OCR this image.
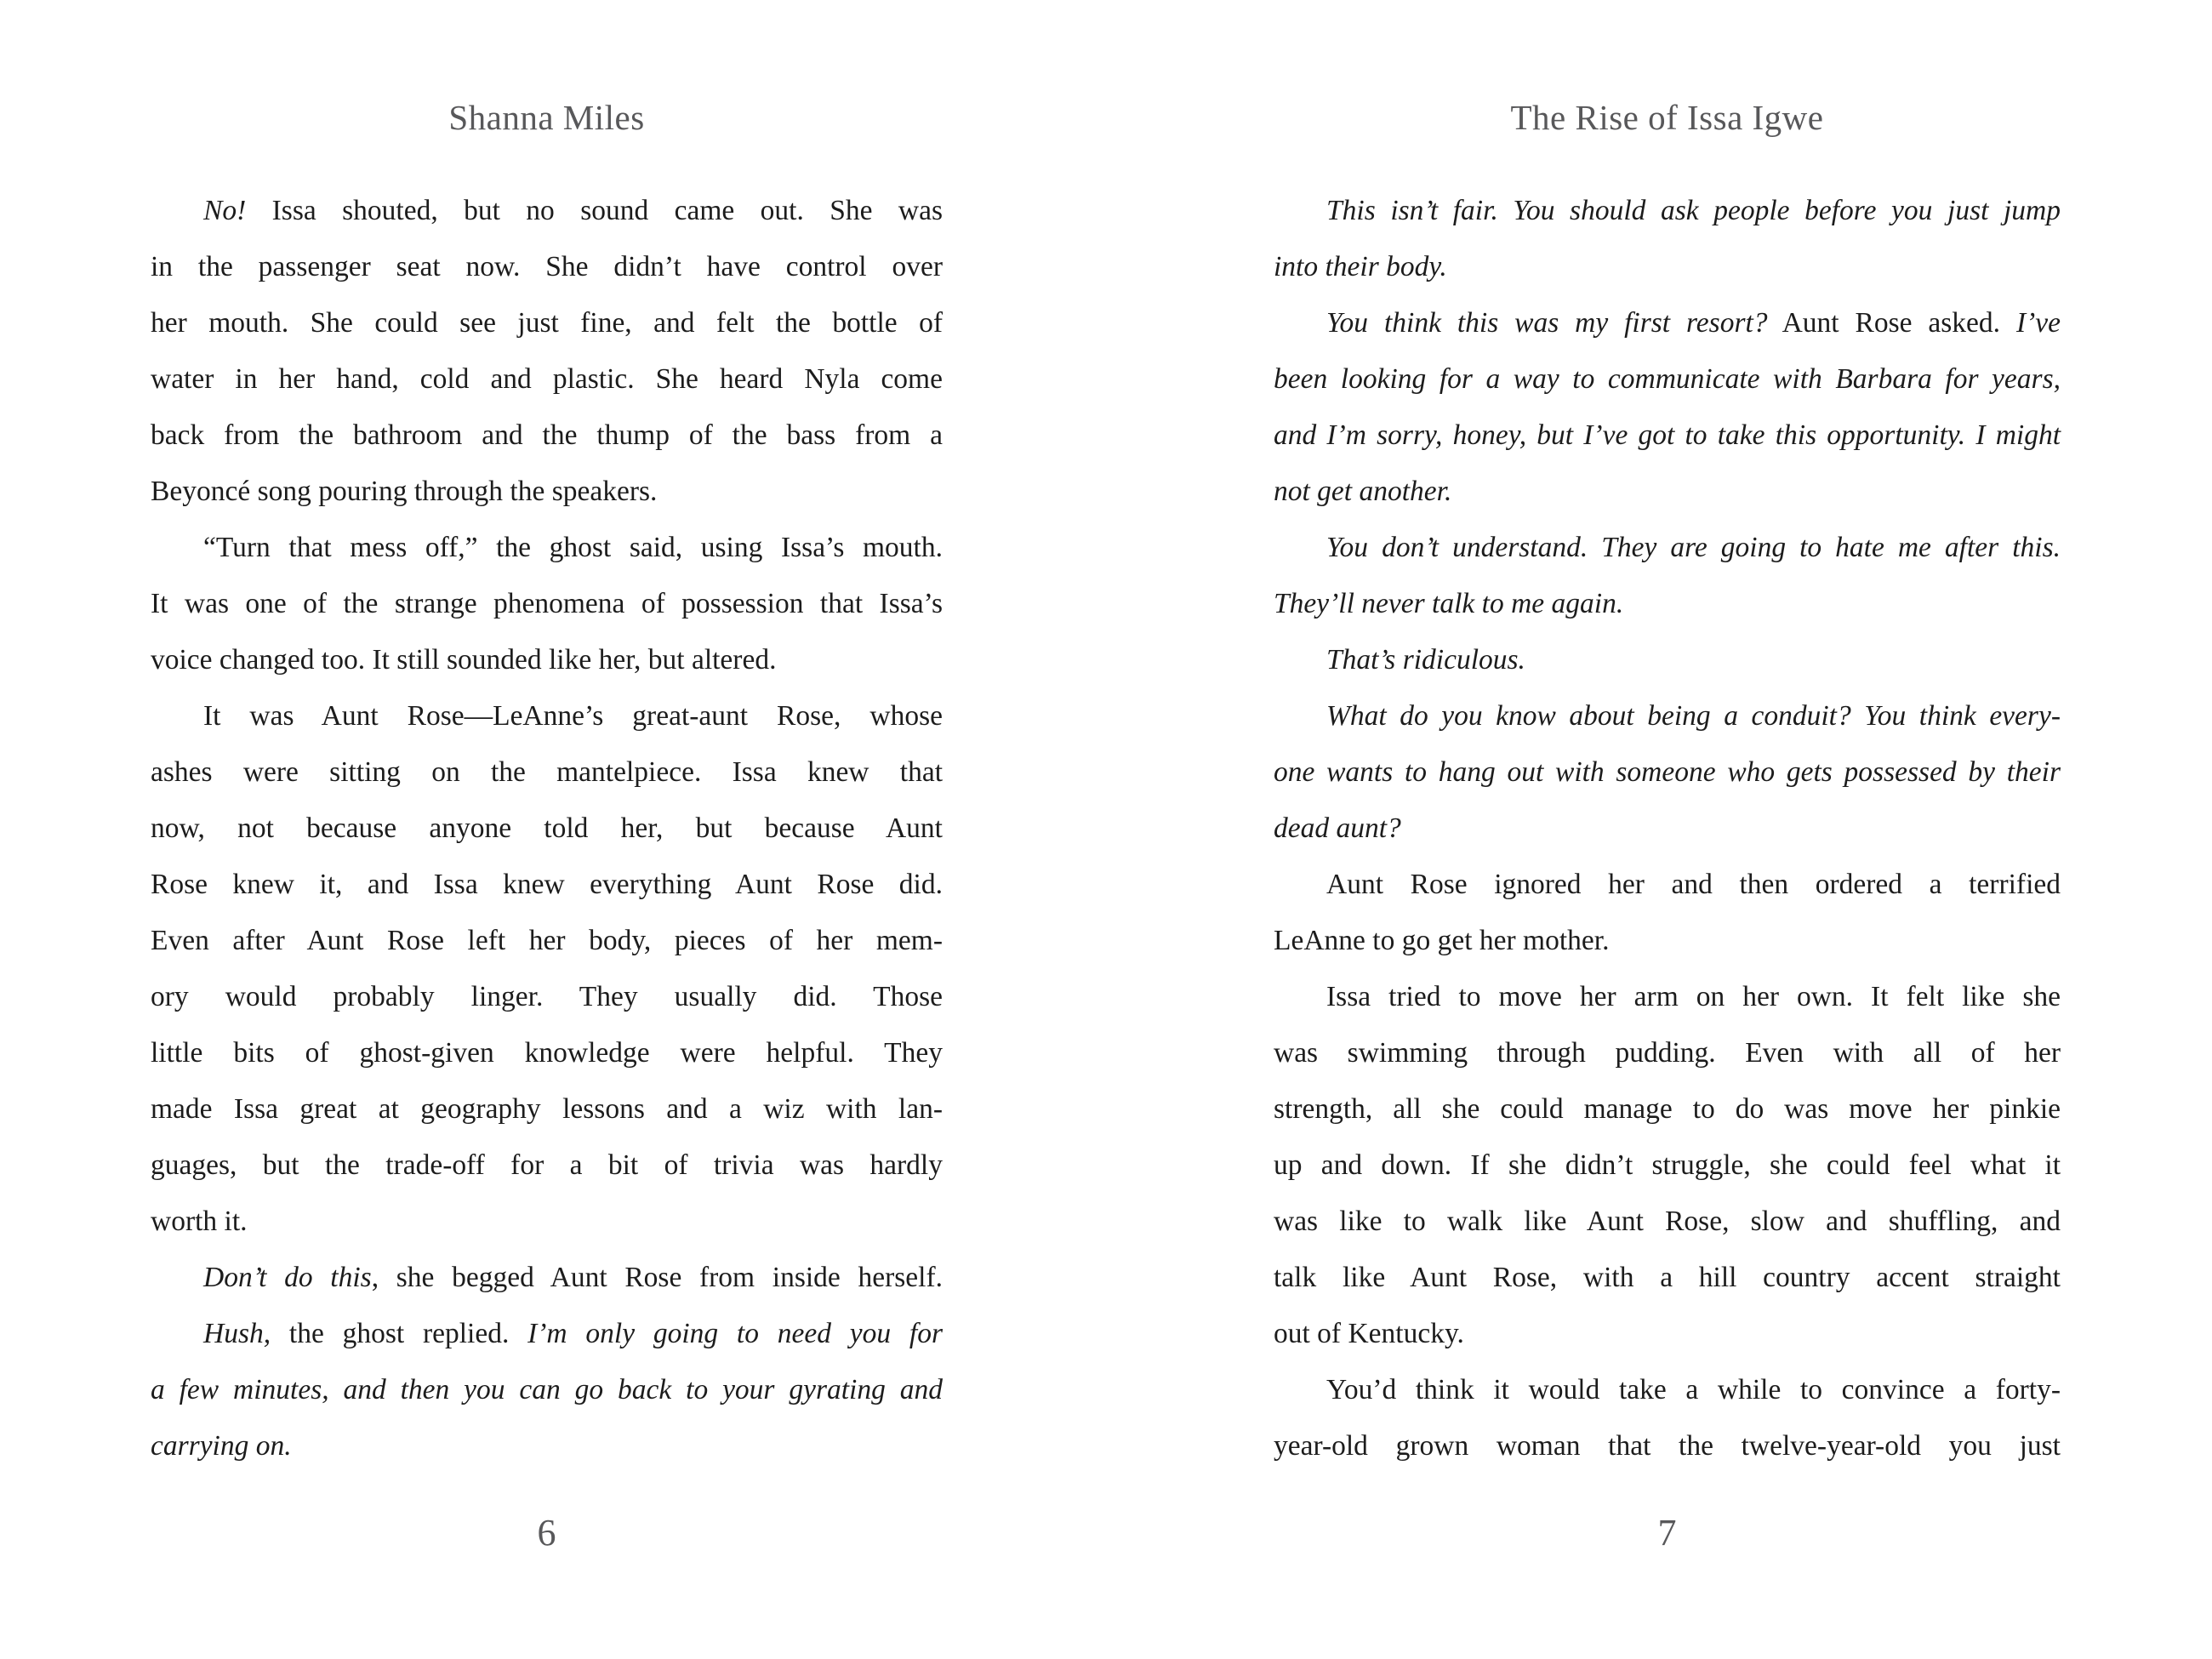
Shanna Miles
No! Issa shouted, but no sound came out. She was
in the passenger seat now. She didn’t have control over
her mouth. She could see just fine, and felt the bottle of
water in her hand, cold and plastic. She heard Nyla come
back from the bathroom and the thump of the bass from a
Beyoncé song pouring through the speakers.
“Turn that mess off,” the ghost said, using Issa’s mouth.
It was one of the strange phenomena of possession that Issa’s
voice changed too. It still sounded like her, but altered.
It was Aunt Rose—LeAnne’s great-aunt Rose, whose
ashes were sitting on the mantelpiece. Issa knew that
now, not because anyone told her, but because Aunt
Rose knew it, and Issa knew everything Aunt Rose did.
Even after Aunt Rose left her body, pieces of her mem-
ory would probably linger. They usually did. Those
little bits of ghost-given knowledge were helpful. They
made Issa great at geography lessons and a wiz with lan-
guages, but the trade-off for a bit of trivia was hardly
worth it.
Don’t do this, she begged Aunt Rose from inside herself.
Hush, the ghost replied. I’m only going to need you for
a few minutes, and then you can go back to your gyrating and
carrying on.
6
The Rise of Issa Igwe
This isn’t fair. You should ask people before you just jump
into their body.
You think this was my first resort? Aunt Rose asked. I’ve
been looking for a way to communicate with Barbara for years,
and I’m sorry, honey, but I’ve got to take this opportunity. I might
not get another.
You don’t understand. They are going to hate me after this.
They’ll never talk to me again.
That’s ridiculous.
What do you know about being a conduit? You think every-
one wants to hang out with someone who gets possessed by their
dead aunt?
Aunt Rose ignored her and then ordered a terrified
LeAnne to go get her mother.
Issa tried to move her arm on her own. It felt like she
was swimming through pudding. Even with all of her
strength, all she could manage to do was move her pinkie
up and down. If she didn’t struggle, she could feel what it
was like to walk like Aunt Rose, slow and shuffling, and
talk like Aunt Rose, with a hill country accent straight
out of Kentucky.
You’d think it would take a while to convince a forty-
year-old grown woman that the twelve-year-old you just
7
